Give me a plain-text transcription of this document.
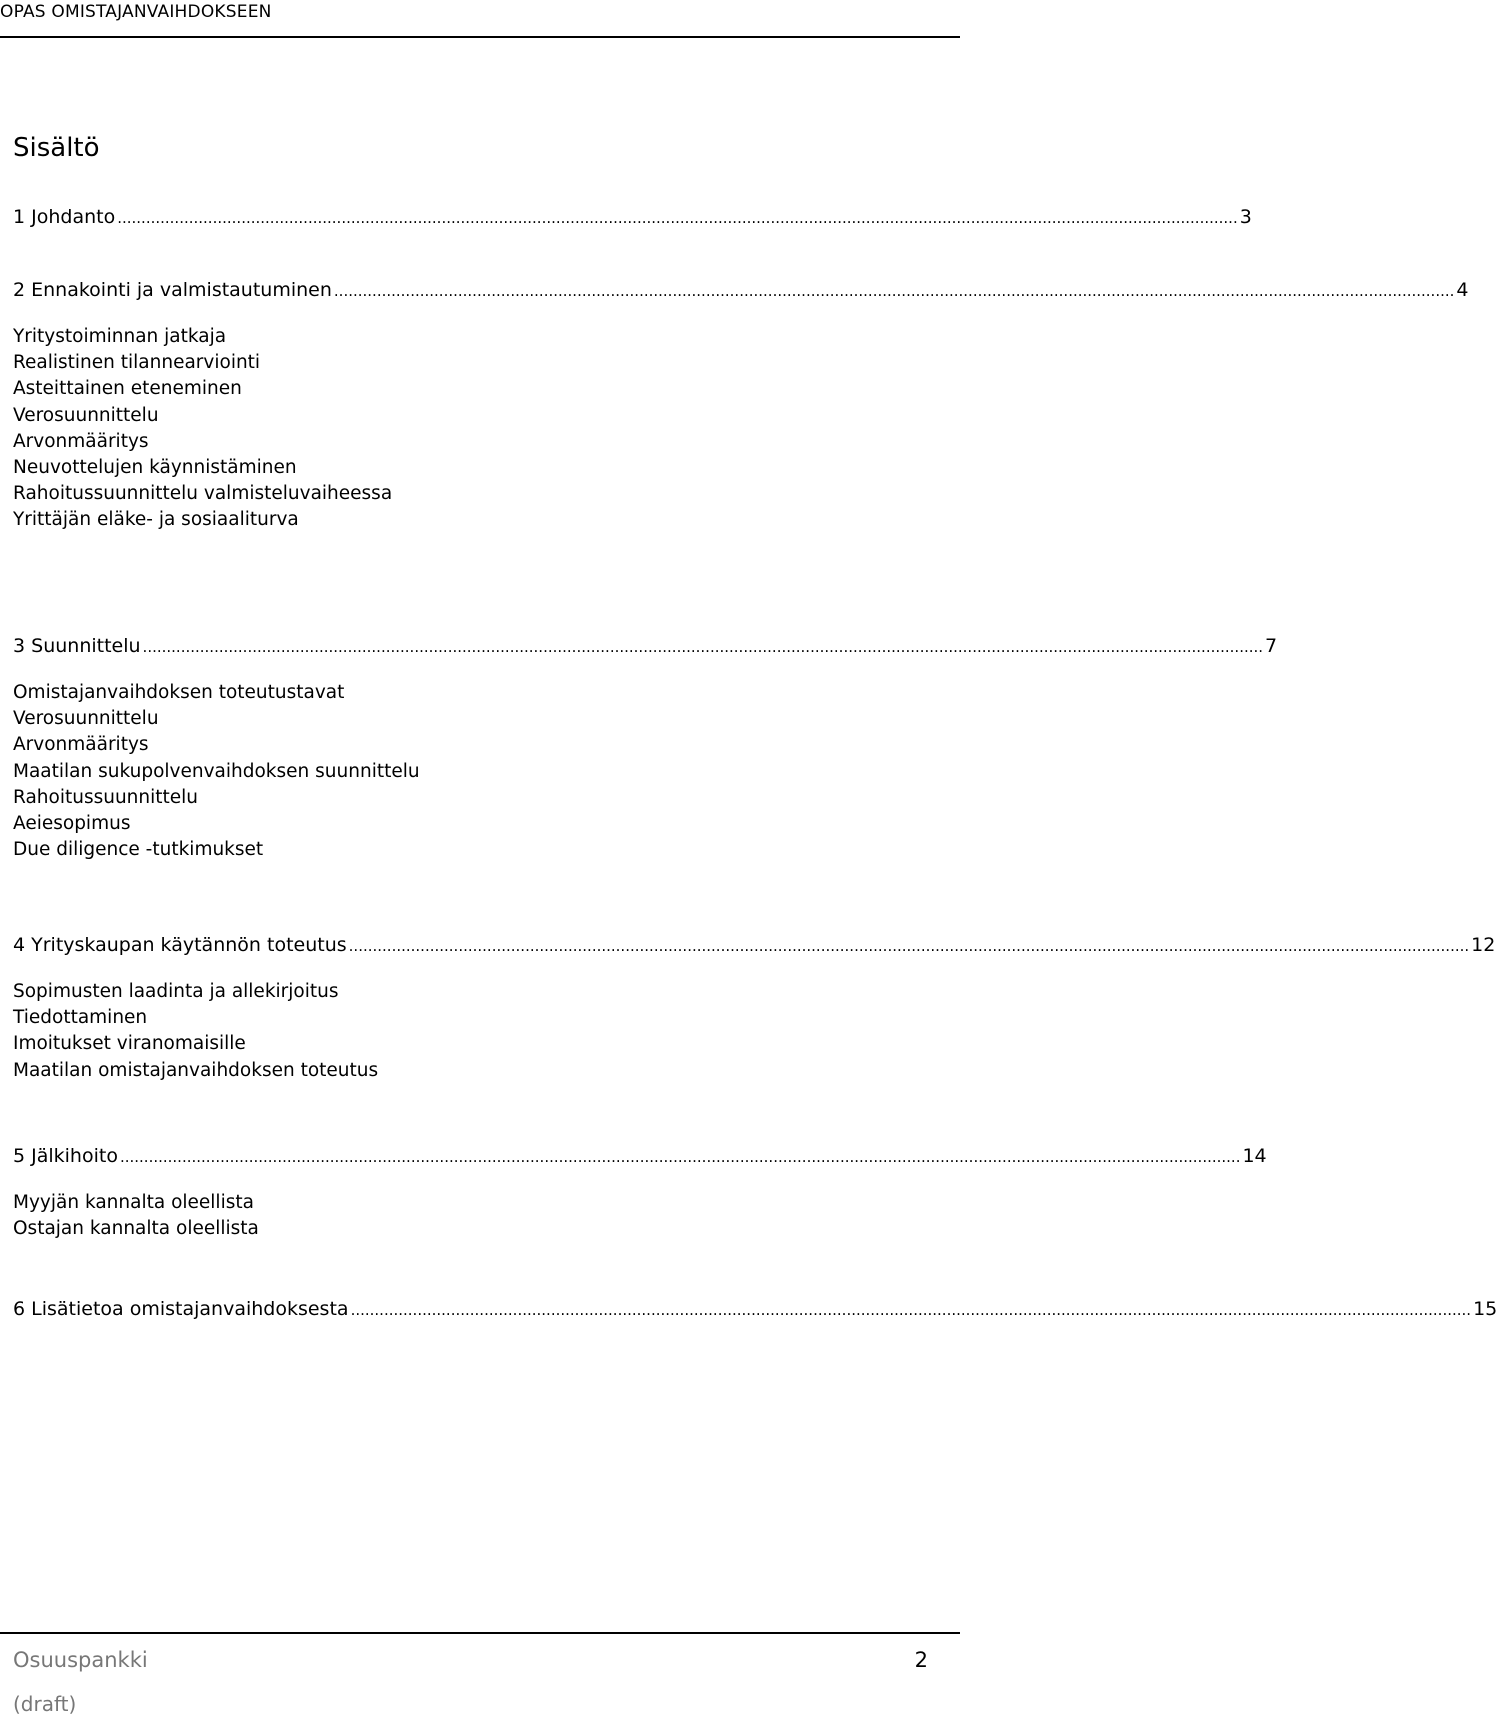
OPAS OMISTAJANVAIHDOKSEEN
Sisältö
1 Johdanto ........................................................................................................................................................................................................................................... 3
2 Ennakointi ja valmistautuminen ........................................................................................................................................................................................................................................... 4
Yritystoiminnan jatkaja
Realistinen tilannearviointi
Asteittainen eteneminen
Verosuunnittelu
Arvonmääritys
Neuvottelujen käynnistäminen
Rahoitussuunnittelu valmisteluvaiheessa
Yrittäjän eläke- ja sosiaaliturva
3 Suunnittelu ........................................................................................................................................................................................................................................... 7
Omistajanvaihdoksen toteutustavat
Verosuunnittelu
Arvonmääritys
Maatilan sukupolvenvaihdoksen suunnittelu
Rahoitussuunnittelu
Aeiesopimus
Due diligence -tutkimukset
4 Yrityskaupan käytännön toteutus ........................................................................................................................................................................................................................................... 12
Sopimusten laadinta ja allekirjoitus
Tiedottaminen
Imoitukset viranomaisille
Maatilan omistajanvaihdoksen toteutus
5 Jälkihoito ........................................................................................................................................................................................................................................... 14
Myyjän kannalta oleellista
Ostajan kannalta oleellista
6 Lisätietoa omistajanvaihdoksesta ........................................................................................................................................................................................................................................... 15
Osuuspankki	2
(draft)
